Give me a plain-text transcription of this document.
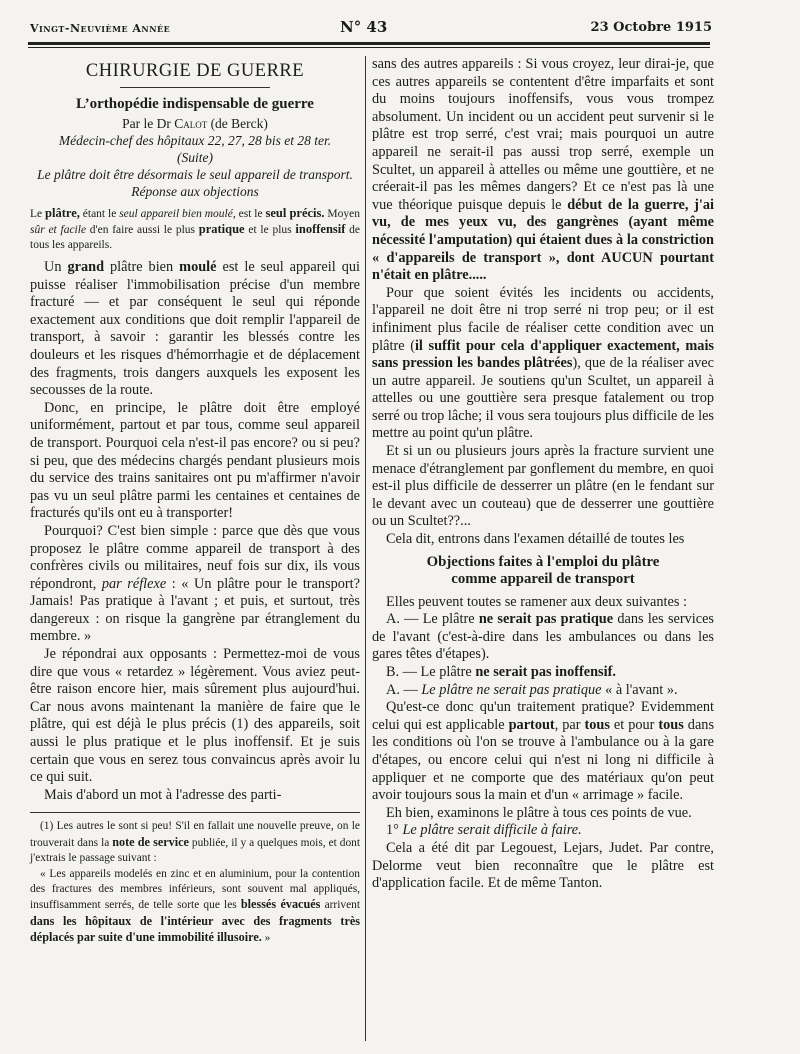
Vingt-Neuvième Année	N° 43	23 Octobre 1915
CHIRURGIE DE GUERRE
L’orthopédie indispensable de guerre
Par le Dr Calot (de Berck)
Médecin-chef des hôpitaux 22, 27, 28 bis et 28 ter.
(Suite)
Le plâtre doit être désormais le seul appareil de transport.
Réponse aux objections
Le plâtre, étant le seul appareil bien moulé, est le seul précis. Moyen sûr et facile d'en faire aussi le plus pratique et le plus inoffensif de tous les appareils.

Un grand plâtre bien moulé est le seul appareil qui puisse réaliser l'immobilisation précise d'un membre fracturé — et par conséquent le seul qui réponde exactement aux conditions que doit remplir l'appareil de transport, à savoir : garantir les blessés contre les douleurs et les risques d'hémorrhagie et de déplacement des fragments, trois dangers auxquels les exposent les secousses de la route.

Donc, en principe, le plâtre doit être employé uniformément, partout et par tous, comme seul appareil de transport. Pourquoi cela n'est-il pas encore? ou si peu? si peu, que des médecins chargés pendant plusieurs mois du service des trains sanitaires ont pu m'affirmer n'avoir pas vu un seul plâtre parmi les centaines et centaines de fracturés qu'ils ont eu à transporter!

Pourquoi? C'est bien simple : parce que dès que vous proposez le plâtre comme appareil de transport à des confrères civils ou militaires, neuf fois sur dix, ils vous répondront, par réflexe : « Un plâtre pour le transport? Jamais! Pas pratique à l'avant ; et puis, et surtout, très dangereux : on risque la gangrène par étranglement du membre. »

Je répondrai aux opposants : Permettez-moi de vous dire que vous « retardez » légèrement. Vous aviez peut-être raison encore hier, mais sûrement plus aujourd'hui. Car nous avons maintenant la manière de faire que le plâtre, qui est déjà le plus précis (1) des appareils, soit aussi le plus pratique et le plus inoffensif. Et je suis certain que vous en serez tous convaincus après avoir lu ce qui suit.

Mais d'abord un mot à l'adresse des parti-

(1) Les autres le sont si peu! S'il en fallait une nouvelle preuve, on le trouverait dans la note de service publiée, il y a quelques mois, et dont j'extrais le passage suivant :

« Les appareils modelés en zinc et en aluminium, pour la contention des fractures des membres inférieurs, sont souvent mal appliqués, insuffisamment serrés, de telle sorte que les blessés évacués arrivent dans les hôpitaux de l'intérieur avec des fragments très déplacés par suite d'une immobilité illusoire. »

sans des autres appareils : Si vous croyez, leur dirai-je, que ces autres appareils se contentent d'être imparfaits et sont du moins toujours inoffensifs, vous vous trompez absolument. Un incident ou un accident peut survenir si le plâtre est trop serré, c'est vrai; mais pourquoi un autre appareil ne serait-il pas aussi trop serré, exemple un Scultet, un appareil à attelles ou même une gouttière, et ne créerait-il pas les mêmes dangers? Et ce n'est pas là une vue théorique puisque depuis le début de la guerre, j'ai vu, de mes yeux vu, des gangrènes (ayant même nécessité l'amputation) qui étaient dues à la constriction « d'appareils de transport », dont AUCUN pourtant n'était en plâtre.....

Pour que soient évités les incidents ou accidents, l'appareil ne doit être ni trop serré ni trop peu; or il est infiniment plus facile de réaliser cette condition avec un plâtre (il suffit pour cela d'appliquer exactement, mais sans pression les bandes plâtrées), que de la réaliser avec un autre appareil. Je soutiens qu'un Scultet, un appareil à attelles ou une gouttière sera presque fatalement ou trop serré ou trop lâche; il vous sera toujours plus difficile de les mettre au point qu'un plâtre.

Et si un ou plusieurs jours après la fracture survient une menace d'étranglement par gonflement du membre, en quoi est-il plus difficile de desserrer un plâtre (en le fendant sur le devant avec un couteau) que de desserrer une gouttière ou un Scultet??...

Cela dit, entrons dans l'examen détaillé de toutes les

Objections faites à l'emploi du plâtre
comme appareil de transport

Elles peuvent toutes se ramener aux deux suivantes :

A. — Le plâtre ne serait pas pratique dans les services de l'avant (c'est-à-dire dans les ambulances ou dans les gares têtes d'étapes).

B. — Le plâtre ne serait pas inoffensif.

A. — Le plâtre ne serait pas pratique « à l'avant ».

Qu'est-ce donc qu'un traitement pratique? Evidemment celui qui est applicable partout, par tous et pour tous dans les conditions où l'on se trouve à l'ambulance ou à la gare d'étapes, ou encore celui qui n'est ni long ni difficile à appliquer et ne comporte que des matériaux qu'on peut avoir toujours sous la main et d'un « arrimage » facile.

Eh bien, examinons le plâtre à tous ces points de vue.

1° Le plâtre serait difficile à faire.

Cela a été dit par Legouest, Lejars, Judet. Par contre, Delorme veut bien reconnaître que le plâtre est d'application facile. Et de même Tanton.
